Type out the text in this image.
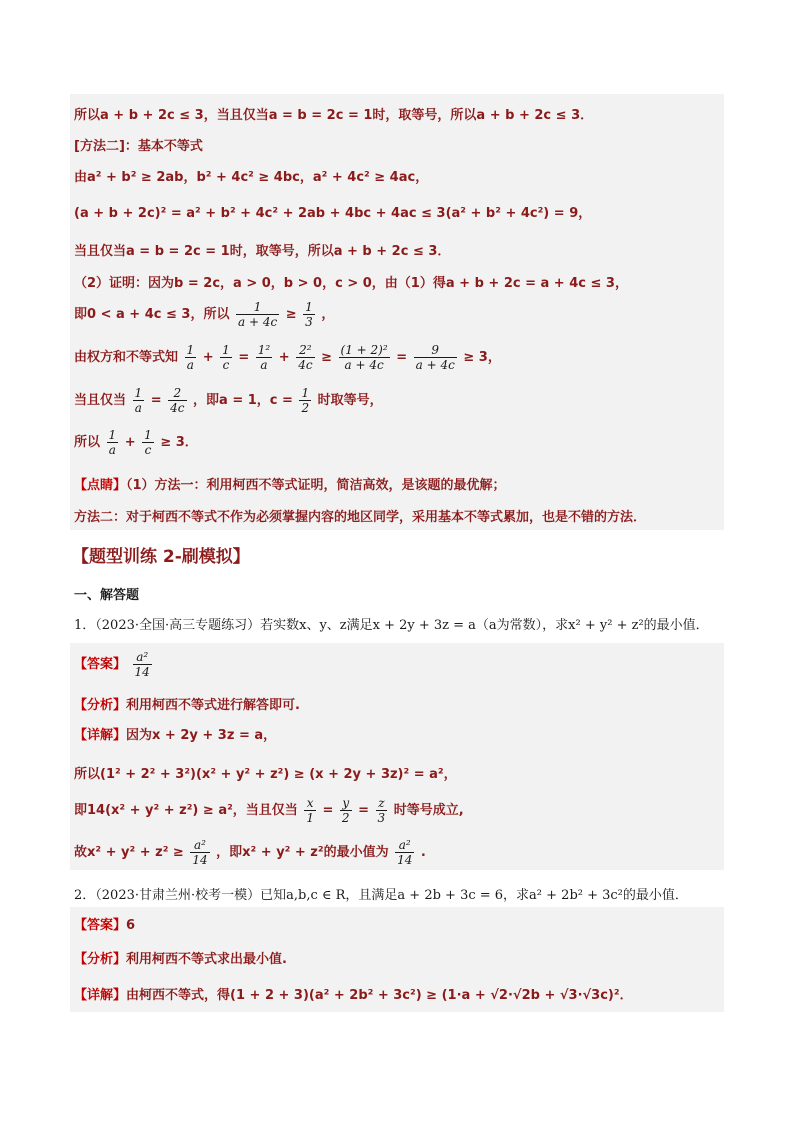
所以a + b + 2c ≤ 3，当且仅当a = b = 2c = 1时，取等号，所以a + b + 2c ≤ 3．
[方法二]：基本不等式
由a² + b² ≥ 2ab，b² + 4c² ≥ 4bc，a² + 4c² ≥ 4ac，
(a + b + 2c)² = a² + b² + 4c² + 2ab + 4bc + 4ac ≤ 3(a² + b² + 4c²) = 9，
当且仅当a = b = 2c = 1时，取等号，所以a + b + 2c ≤ 3．
（2）证明：因为b = 2c，a > 0，b > 0，c > 0，由（1）得a + b + 2c = a + 4c ≤ 3，
即0 < a + 4c ≤ 3，所以 $\frac{1}{a + 4c} \ge \frac{1}{3}$ ，
由权方和不等式知 $\frac{1}{a} + \frac{1}{c} = \frac{\text{1²}}{a} + \frac{\text{2²}}{4c} \ge \frac{\text{(1 + 2)²}}{a + 4c} = \frac{9}{a + 4c} \ge 3$，
当且仅当 $\frac{1}{a} = \frac{2}{4c}$ ，即a = 1，$c = \frac{1}{2}$ 时取等号，
所以 $\frac{1}{a} + \frac{1}{c} \ge 3$．
【点睛】（1）方法一：利用柯西不等式证明，简洁高效，是该题的最优解；
方法二：对于柯西不等式不作为必须掌握内容的地区同学，采用基本不等式累加，也是不错的方法．
【题型训练 2-刷模拟】
一、解答题
1．（2023·全国·高三专题练习）若实数x、y、z满足x + 2y + 3z = a（a为常数），求x² + y² + z²的最小值．
【答案】 $\frac{\text{a²}}{14}$
【分析】利用柯西不等式进行解答即可.
【详解】因为x + 2y + 3z = a，
所以(1² + 2² + 3²)(x² + y² + z²) ≥ (x + 2y + 3z)² = a²，
即14(x² + y² + z²) ≥ a²，当且仅当 $\frac{x}{1} = \frac{y}{2} = \frac{z}{3}$ 时等号成立,
故$x^2 + y^2 + z^2 \ge \frac{\text{a²}}{14}$ ，即x² + y² + z²的最小值为 $\frac{\text{a²}}{14}$ .
2．（2023·甘肃兰州·校考一模）已知a,b,c ∈ R，且满足a + 2b + 3c = 6，求a² + 2b² + 3c²的最小值．
【答案】6
【分析】利用柯西不等式求出最小值.
【详解】由柯西不等式，得(1 + 2 + 3)(a² + 2b² + 3c²) ≥ (1·a + √2·√2b + √3·√3c)²．
